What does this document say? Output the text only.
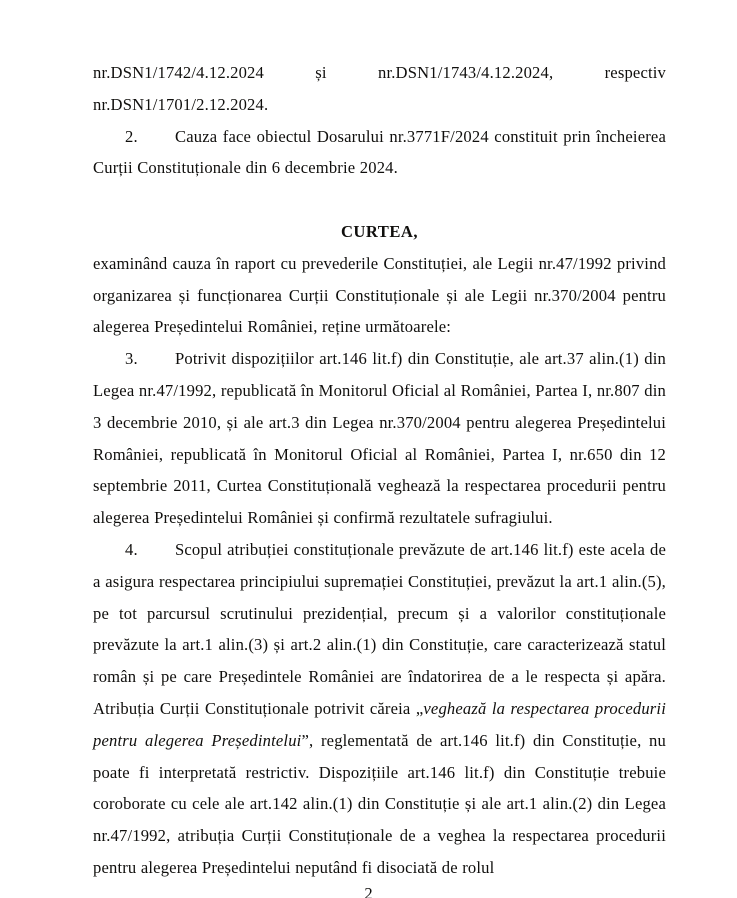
nr.DSN1/1742/4.12.2024 și nr.DSN1/1743/4.12.2024, respectiv nr.DSN1/1701/2.12.2024.

2. Cauza face obiectul Dosarului nr.3771F/2024 constituit prin încheierea Curții Constituționale din 6 decembrie 2024.

CURTEA,

examinând cauza în raport cu prevederile Constituției, ale Legii nr.47/1992 privind organizarea și funcționarea Curții Constituționale și ale Legii nr.370/2004 pentru alegerea Președintelui României, reține următoarele:

3. Potrivit dispozițiilor art.146 lit.f) din Constituție, ale art.37 alin.(1) din Legea nr.47/1992, republicată în Monitorul Oficial al României, Partea I, nr.807 din 3 decembrie 2010, și ale art.3 din Legea nr.370/2004 pentru alegerea Președintelui României, republicată în Monitorul Oficial al României, Partea I, nr.650 din 12 septembrie 2011, Curtea Constituțională veghează la respectarea procedurii pentru alegerea Președintelui României și confirmă rezultatele sufragiului.

4. Scopul atribuției constituționale prevăzute de art.146 lit.f) este acela de a asigura respectarea principiului supremației Constituției, prevăzut la art.1 alin.(5), pe tot parcursul scrutinului prezidențial, precum și a valorilor constituționale prevăzute la art.1 alin.(3) și art.2 alin.(1) din Constituție, care caracterizează statul român și pe care Președintele României are îndatorirea de a le respecta și apăra. Atribuția Curții Constituționale potrivit căreia „veghează la respectarea procedurii pentru alegerea Președintelui”, reglementată de art.146 lit.f) din Constituție, nu poate fi interpretată restrictiv. Dispozițiile art.146 lit.f) din Constituție trebuie coroborate cu cele ale art.142 alin.(1) din Constituție și ale art.1 alin.(2) din Legea nr.47/1992, atribuția Curții Constituționale de a veghea la respectarea procedurii pentru alegerea Președintelui neputând fi disociată de rolul

2
